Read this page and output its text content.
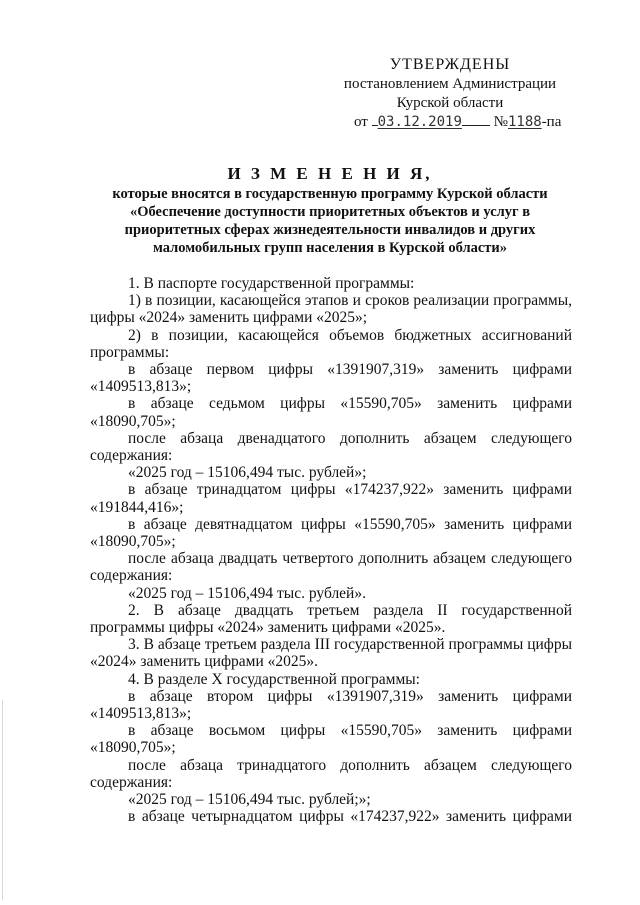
УТВЕРЖДЕНЫ
постановлением Администрации
Курской области
от 03.12.2019 №1188-па
И З М Е Н Е Н И Я,
которые вносятся в государственную программу Курской области
«Обеспечение доступности приоритетных объектов и услуг в
приоритетных сферах жизнедеятельности инвалидов и других
маломобильных групп населения в Курской области»

1. В паспорте государственной программы:

1) в позиции, касающейся этапов и сроков реализации программы, цифры «2024» заменить цифрами «2025»;

2) в позиции, касающейся объемов бюджетных ассигнований программы:

в абзаце первом цифры «1391907,319» заменить цифрами «1409513,813»;

в абзаце седьмом цифры «15590,705» заменить цифрами «18090,705»;

после абзаца двенадцатого дополнить абзацем следующего содержания:

«2025 год – 15106,494 тыс. рублей»;

в абзаце тринадцатом цифры «174237,922» заменить цифрами «191844,416»;

в абзаце девятнадцатом цифры «15590,705» заменить цифрами «18090,705»;

после абзаца двадцать четвертого дополнить абзацем следующего содержания:

«2025 год – 15106,494 тыс. рублей».

2. В абзаце двадцать третьем раздела II государственной программы цифры «2024» заменить цифрами «2025».

3. В абзаце третьем раздела III государственной программы цифры «2024» заменить цифрами «2025».

4. В разделе Х государственной программы:

в абзаце втором цифры «1391907,319» заменить цифрами «1409513,813»;

в абзаце восьмом цифры «15590,705» заменить цифрами «18090,705»;

после абзаца тринадцатого дополнить абзацем следующего содержания:

«2025 год – 15106,494 тыс. рублей;»;

в абзаце четырнадцатом цифры «174237,922» заменить цифрами
